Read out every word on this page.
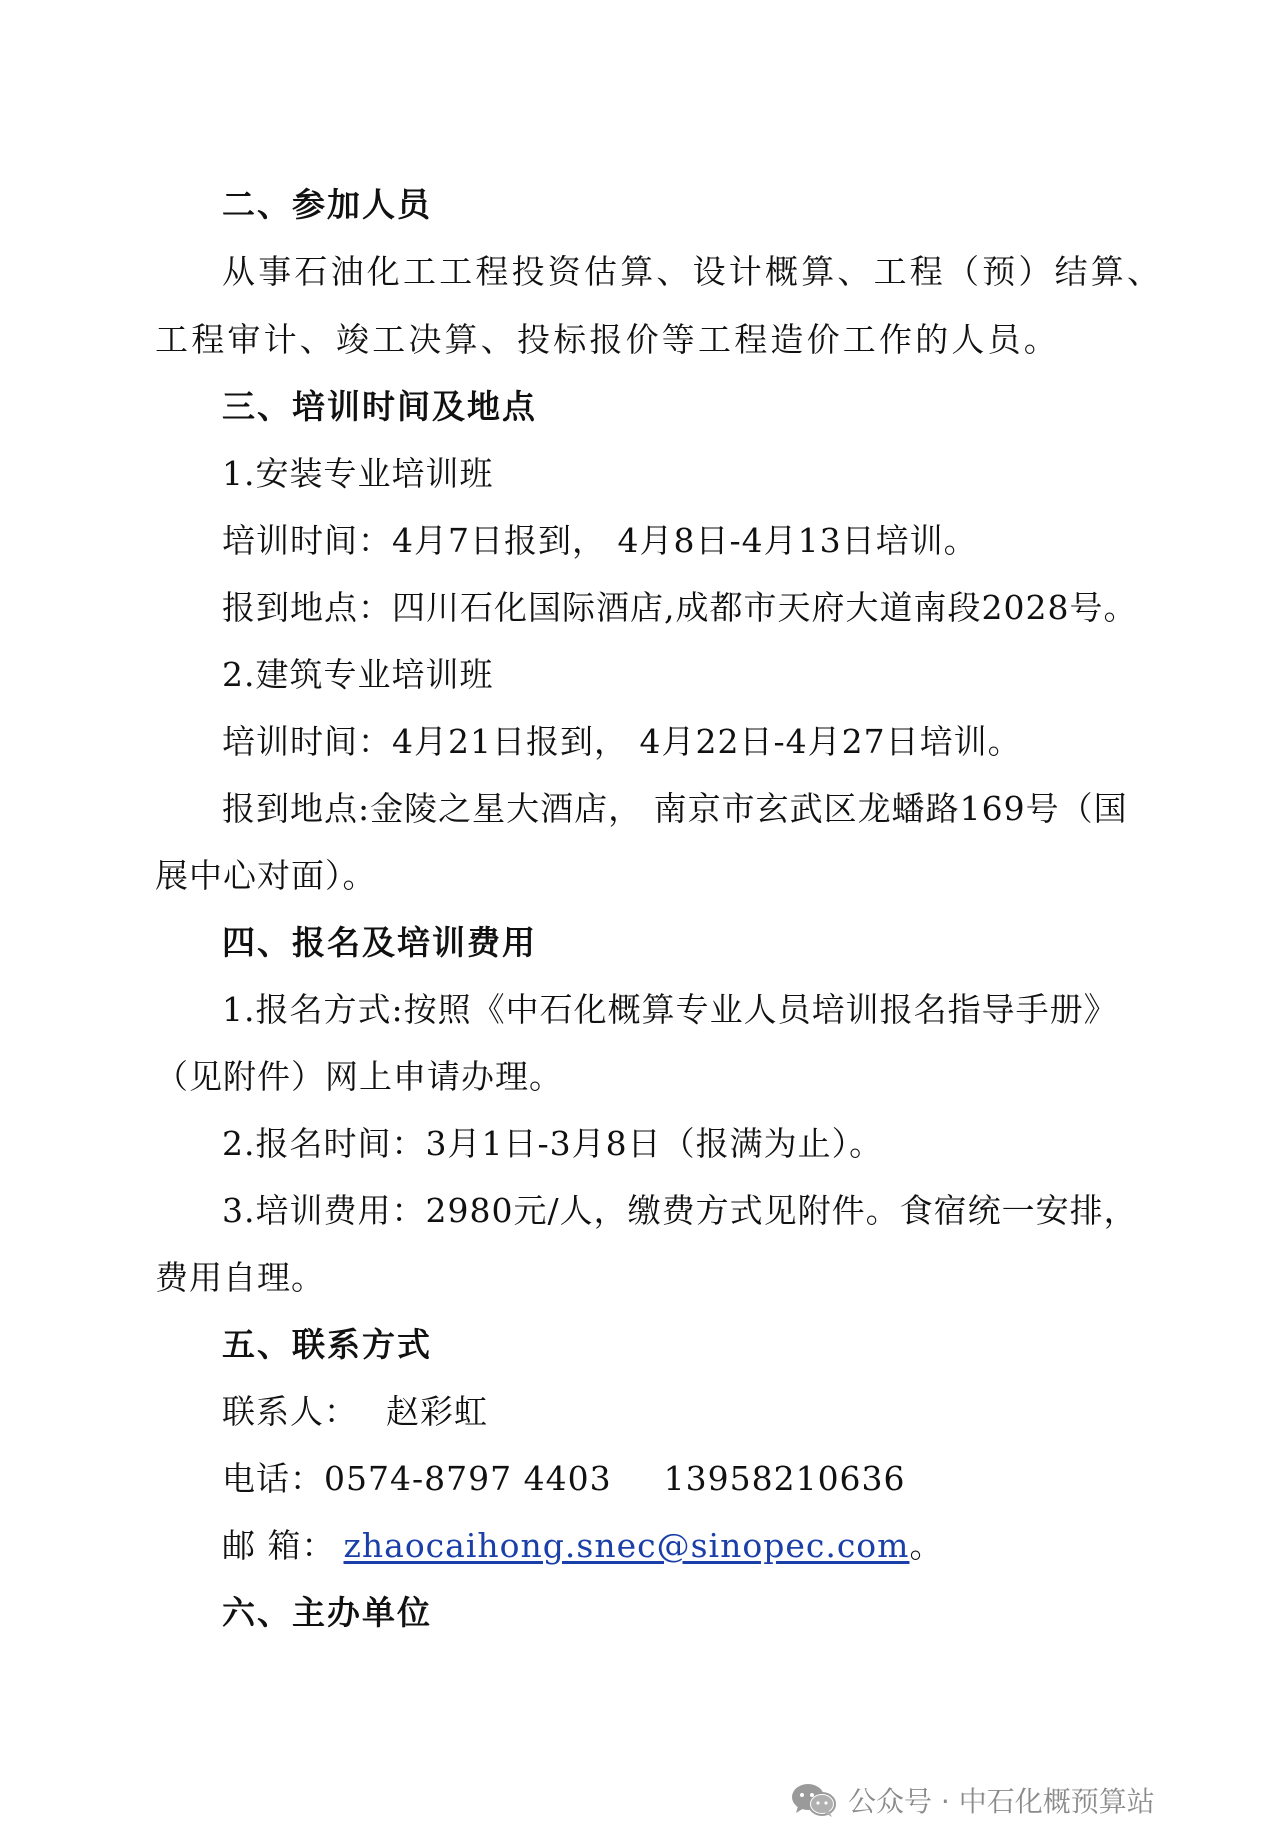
二、参加人员
从事石油化工工程投资估算、设计概算、工程（预）结算、
工程审计、竣工决算、投标报价等工程造价工作的人员。
三、培训时间及地点
1.安装专业培训班
培训时间：4月7日报到， 4月8日-4月13日培训。
报到地点：四川石化国际酒店,成都市天府大道南段2028号。
2.建筑专业培训班
培训时间：4月21日报到， 4月22日-4月27日培训。
报到地点:金陵之星大酒店， 南京市玄武区龙蟠路169号（国
展中心对面）。
四、报名及培训费用
1.报名方式:按照《中石化概算专业人员培训报名指导手册》
（见附件）网上申请办理。
2.报名时间：3月1日-3月8日（报满为止）。
3.培训费用：2980元/人，缴费方式见附件。食宿统一安排，
费用自理。
五、联系方式
联系人： 赵彩虹
电话：0574-8797 4403 13958210636
邮 箱： zhaocaihong.snec@sinopec.com。
六、主办单位
公众号 · 中石化概预算站
